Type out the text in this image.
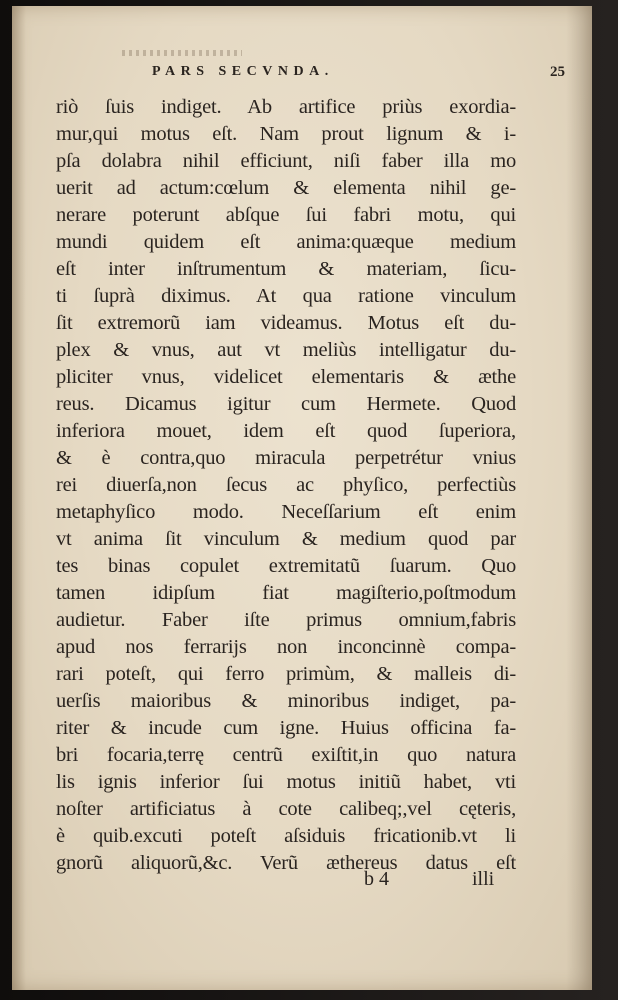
PARS SECVNDA.	25
riò ſuis indiget. Ab artifice priùs exordia-
mur,qui motus eſt. Nam prout lignum & i-
pſa dolabra nihil efficiunt, niſi faber illa mo
uerit ad actum:cœlum & elementa nihil ge-
nerare poterunt abſque ſui fabri motu, qui
mundi quidem eſt anima:quæque medium
eſt inter inſtrumentum & materiam, ſicu-
ti ſuprà diximus. At qua ratione vinculum
ſit extremorũ iam videamus. Motus eſt du-
plex & vnus, aut vt meliùs intelligatur du-
pliciter vnus, videlicet elementaris & æthe
reus. Dicamus igitur cum Hermete. Quod
inferiora mouet, idem eſt quod ſuperiora,
& è contra,quo miracula perpetrétur vnius
rei diuerſa,non ſecus ac phyſico, perfectiùs
metaphyſico modo. Neceſſarium eſt enim
vt anima ſit vinculum & medium quod par
tes binas copulet extremitatũ ſuarum. Quo
tamen idipſum fiat magiſterio,poſtmodum
audietur. Faber iſte primus omnium,fabris
apud nos ferrarijs non inconcinnè compa-
rari poteſt, qui ferro primùm, & malleis di-
uerſis maioribus & minoribus indiget, pa-
riter & incude cum igne. Huius officina fa-
bri focaria,terrę centrũ exiſtit,in quo natura
lis ignis inferior ſui motus initiũ habet, vti
noſter artificiatus à cote calibeq;,vel cęteris,
è quib.excuti poteſt aſsiduis fricationib.vt li
gnorũ aliquorũ,&c. Verũ æthereus datus eſt
b 4	illi
